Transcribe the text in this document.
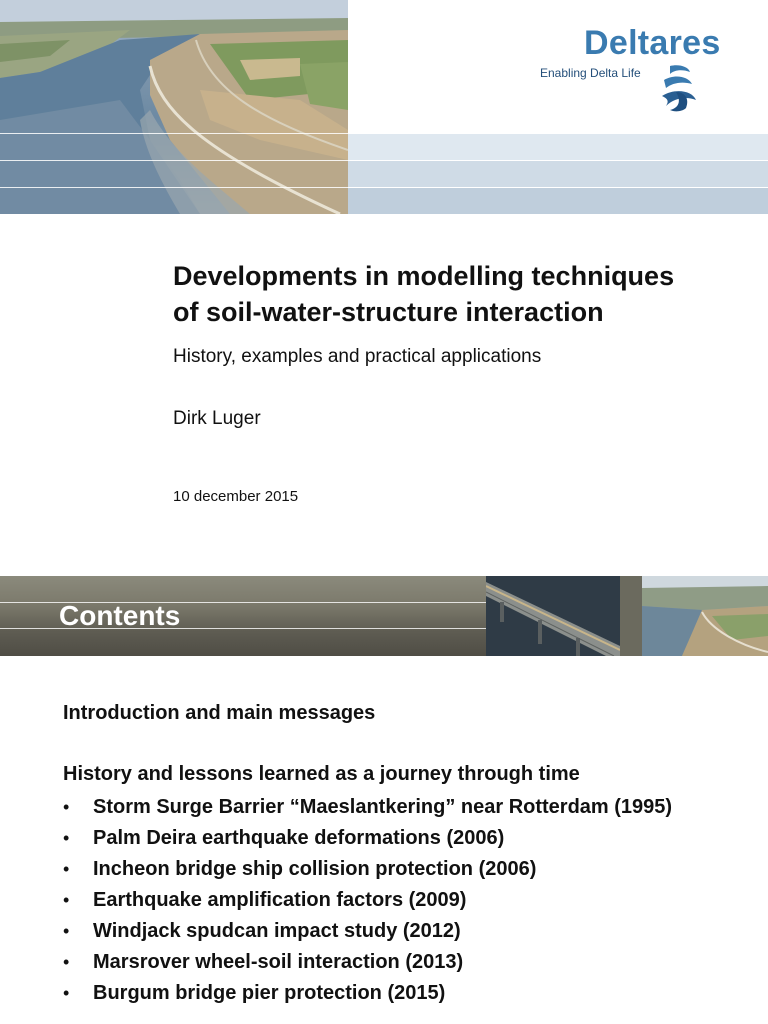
Deltares
Enabling Delta Life
Developments in modelling techniques
of soil-water-structure interaction
History, examples and practical applications
Dirk Luger
10 december 2015
Contents
Introduction and main messages
History and lessons learned as a journey through time
• Storm Surge Barrier “Maeslantkering” near Rotterdam (1995)
• Palm Deira earthquake deformations (2006)
• Incheon bridge ship collision protection (2006)
• Earthquake amplification factors (2009)
• Windjack spudcan impact study (2012)
• Marsrover wheel-soil interaction (2013)
• Burgum bridge pier protection (2015)
